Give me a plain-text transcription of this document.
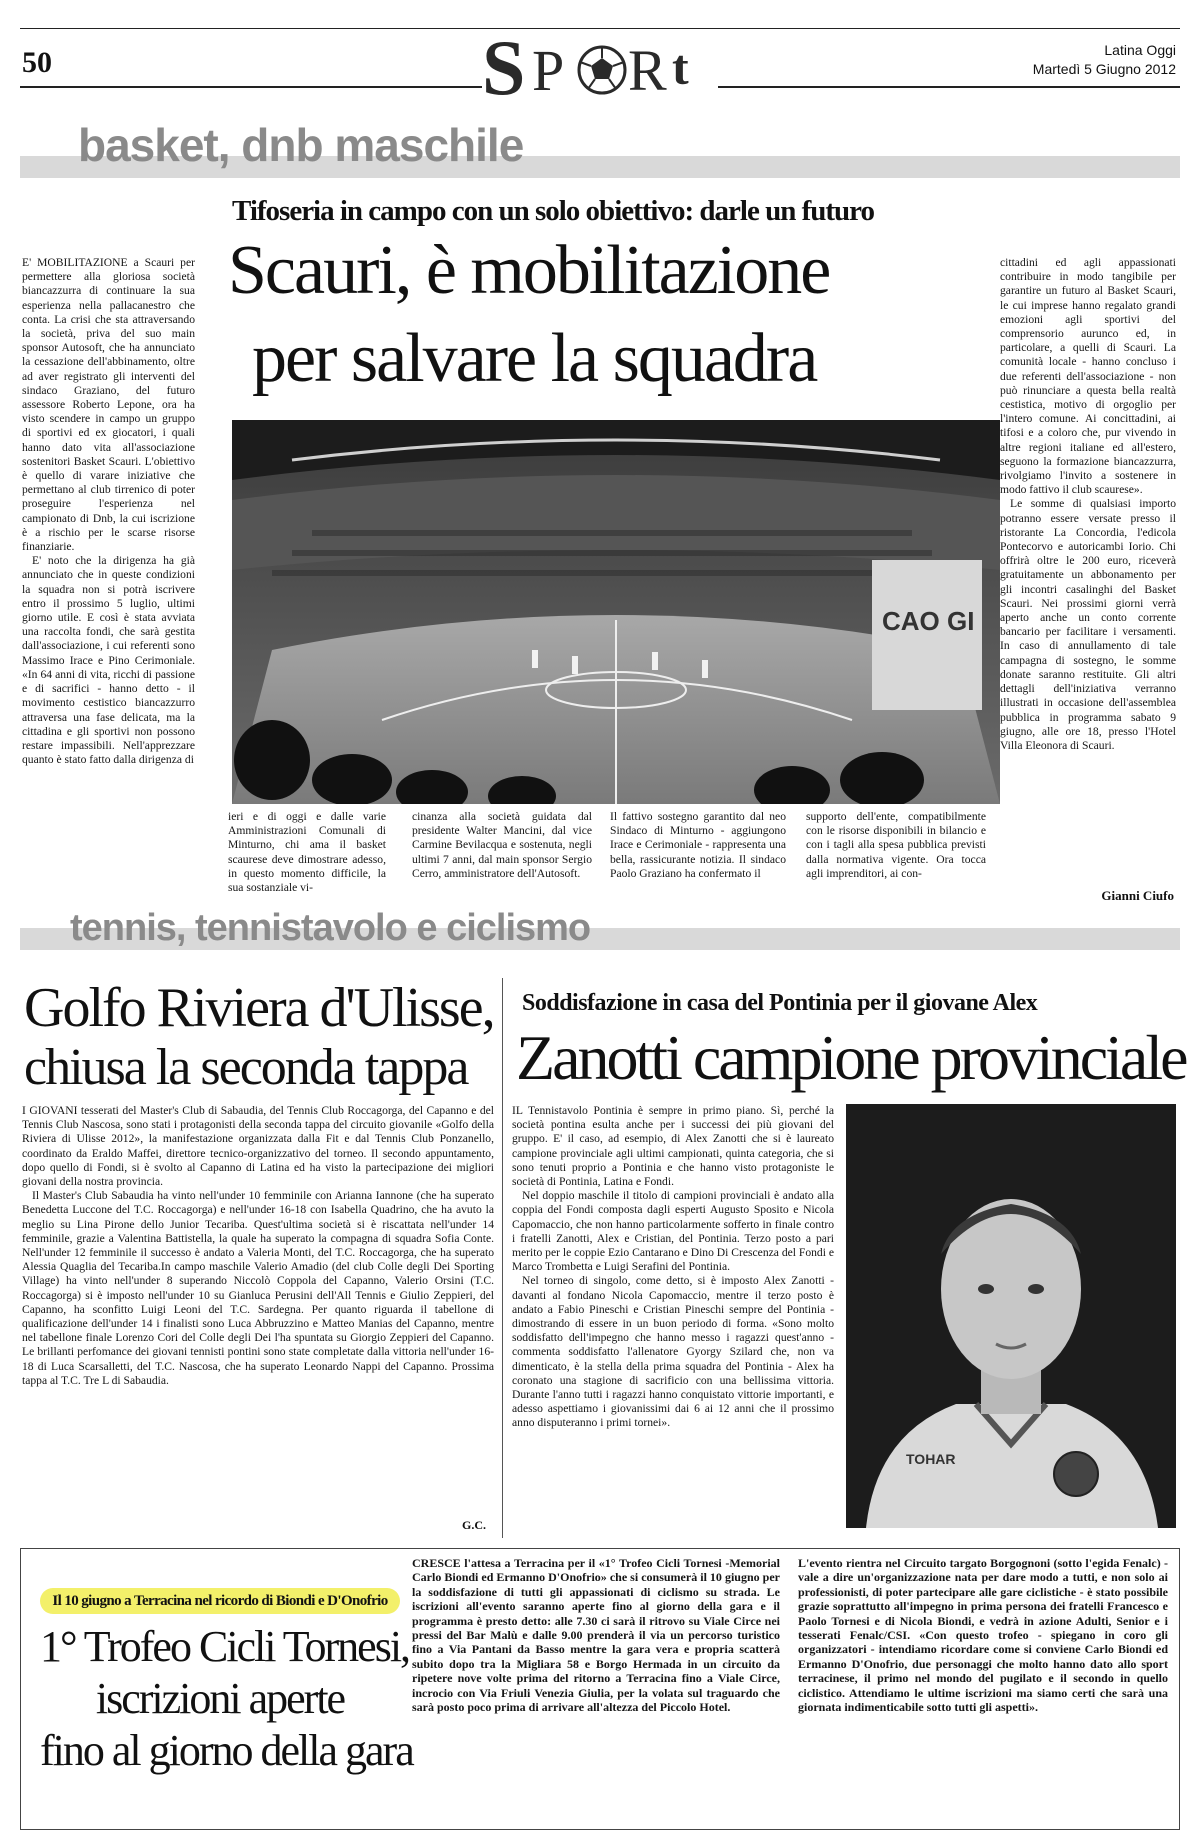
50	S P R t	Latina Oggi
Martedì 5 Giugno 2012
basket, dnb maschile
Tifoseria in campo con un solo obiettivo: darle un futuro
Scauri, è mobilitazione
per salvare la squadra

E' MOBILITAZIONE a Scauri per permettere alla gloriosa società biancazzurra di continuare la sua esperienza nella pallacanestro che conta. La crisi che sta attraversando la società, priva del suo main sponsor Autosoft, che ha annunciato la cessazione dell'abbinamento, oltre ad aver registrato gli interventi del sindaco Graziano, del futuro assessore Roberto Lepone, ora ha visto scendere in campo un gruppo di sportivi ed ex giocatori, i quali hanno dato vita all'associazione sostenitori Basket Scauri. L'obiettivo è quello di varare iniziative che permettano al club tirrenico di poter proseguire l'esperienza nel campionato di Dnb, la cui iscrizione è a rischio per le scarse risorse finanziarie.

E' noto che la dirigenza ha già annunciato che in queste condizioni la squadra non si potrà iscrivere entro il prossimo 5 luglio, ultimi giorno utile. E così è stata avviata una raccolta fondi, che sarà gestita dall'associazione, i cui referenti sono Massimo Irace e Pino Cerimoniale. «In 64 anni di vita, ricchi di passione e di sacrifici - hanno detto - il movimento cestistico biancazzurro attraversa una fase delicata, ma la cittadina e gli sportivi non possono restare impassibili. Nell'apprezzare quanto è stato fatto dalla dirigenza di

CAO GI
ieri e di oggi e dalle varie Amministrazioni Comunali di Minturno, chi ama il basket scaurese deve dimostrare adesso, in questo momento difficile, la sua sostanziale vi-
cinanza alla società guidata dal presidente Walter Mancini, dal vice Carmine Bevilacqua e sostenuta, negli ultimi 7 anni, dal main sponsor Sergio Cerro, amministratore dell'Autosoft.
Il fattivo sostegno garantito dal neo Sindaco di Minturno - aggiungono Irace e Cerimoniale - rappresenta una bella, rassicurante notizia. Il sindaco Paolo Graziano ha confermato il
supporto dell'ente, compatibilmente con le risorse disponibili in bilancio e con i tagli alla spesa pubblica previsti dalla normativa vigente. Ora tocca agli imprenditori, ai con-

cittadini ed agli appassionati contribuire in modo tangibile per garantire un futuro al Basket Scauri, le cui imprese hanno regalato grandi emozioni agli sportivi del comprensorio aurunco ed, in particolare, a quelli di Scauri. La comunità locale - hanno concluso i due referenti dell'associazione - non può rinunciare a questa bella realtà cestistica, motivo di orgoglio per l'intero comune. Ai concittadini, ai tifosi e a coloro che, pur vivendo in altre regioni italiane ed all'estero, seguono la formazione biancazzurra, rivolgiamo l'invito a sostenere in modo fattivo il club scaurese».

Le somme di qualsiasi importo potranno essere versate presso il ristorante La Concordia, l'edicola Pontecorvo e autoricambi Iorio. Chi offrirà oltre le 200 euro, riceverà gratuitamente un abbonamento per gli incontri casalinghi del Basket Scauri. Nei prossimi giorni verrà aperto anche un conto corrente bancario per facilitare i versamenti. In caso di annullamento di tale campagna di sostegno, le somme donate saranno restituite. Gli altri dettagli dell'iniziativa verranno illustrati in occasione dell'assemblea pubblica in programma sabato 9 giugno, alle ore 18, presso l'Hotel Villa Eleonora di Scauri.

Gianni Ciufo
tennis, tennistavolo e ciclismo
Golfo Riviera d'Ulisse,
chiusa la seconda tappa

I GIOVANI tesserati del Master's Club di Sabaudia, del Tennis Club Roccagorga, del Capanno e del Tennis Club Nascosa, sono stati i protagonisti della seconda tappa del circuito giovanile «Golfo della Riviera di Ulisse 2012», la manifestazione organizzata dalla Fit e dal Tennis Club Ponzanello, coordinato da Eraldo Maffei, direttore tecnico-organizzativo del torneo. Il secondo appuntamento, dopo quello di Fondi, si è svolto al Capanno di Latina ed ha visto la partecipazione dei migliori giovani della nostra provincia.

Il Master's Club Sabaudia ha vinto nell'under 10 femminile con Arianna Iannone (che ha superato Benedetta Luccone del T.C. Roccagorga) e nell'under 16-18 con Isabella Quadrino, che ha avuto la meglio su Lina Pirone dello Junior Tecariba. Quest'ultima società si è riscattata nell'under 14 femminile, grazie a Valentina Battistella, la quale ha superato la compagna di squadra Sofia Conte. Nell'under 12 femminile il successo è andato a Valeria Monti, del T.C. Roccagorga, che ha superato Alessia Quaglia del Tecariba.In campo maschile Valerio Amadio (del club Colle degli Dei Sporting Village) ha vinto nell'under 8 superando Niccolò Coppola del Capanno, Valerio Orsini (T.C. Roccagorga) si è imposto nell'under 10 su Gianluca Perusini dell'All Tennis e Giulio Zeppieri, del Capanno, ha sconfitto Luigi Leoni del T.C. Sardegna. Per quanto riguarda il tabellone di qualificazione dell'under 14 i finalisti sono Luca Abbruzzino e Matteo Manias del Capanno, mentre nel tabellone finale Lorenzo Cori del Colle degli Dei l'ha spuntata su Giorgio Zeppieri del Capanno. Le brillanti perfomance dei giovani tennisti pontini sono state completate dalla vittoria nell'under 16-18 di Luca Scarsalletti, del T.C. Nascosa, che ha superato Leonardo Nappi del Capanno. Prossima tappa al T.C. Tre L di Sabaudia.

G.C.
Soddisfazione in casa del Pontinia per il giovane Alex
Zanotti campione provinciale

IL Tennistavolo Pontinia è sempre in primo piano. Sì, perché la società pontina esulta anche per i successi dei più giovani del gruppo. E' il caso, ad esempio, di Alex Zanotti che si è laureato campione provinciale agli ultimi campionati, quinta categoria, che si sono tenuti proprio a Pontinia e che hanno visto protagoniste le società di Pontinia, Latina e Fondi.

Nel doppio maschile il titolo di campioni provinciali è andato alla coppia del Fondi composta dagli esperti Augusto Sposito e Nicola Capomaccio, che non hanno particolarmente sofferto in finale contro i fratelli Zanotti, Alex e Cristian, del Pontinia. Terzo posto a pari merito per le coppie Ezio Cantarano e Dino Di Crescenza del Fondi e Marco Trombetta e Luigi Serafini del Pontinia.

Nel torneo di singolo, come detto, si è imposto Alex Zanotti - davanti al fondano Nicola Capomaccio, mentre il terzo posto è andato a Fabio Pineschi e Cristian Pineschi sempre del Pontinia - dimostrando di essere in un buon periodo di forma. «Sono molto soddisfatto dell'impegno che hanno messo i ragazzi quest'anno - commenta soddisfatto l'allenatore Gyorgy Szilard che, non va dimenticato, è la stella della prima squadra del Pontinia - Alex ha coronato una stagione di sacrificio con una bellissima vittoria. Durante l'anno tutti i ragazzi hanno conquistato vittorie importanti, e adesso aspettiamo i giovanissimi dai 6 ai 12 anni che il prossimo anno disputeranno i primi tornei».

TOHAR
Il 10 giugno a Terracina nel ricordo di Biondi e D'Onofrio
1° Trofeo Cicli Tornesi,
iscrizioni aperte
fino al giorno della gara
CRESCE l'attesa a Terracina per il «1° Trofeo Cicli Tornesi -Memorial Carlo Biondi ed Ermanno D'Onofrio» che si consumerà il 10 giugno per la soddisfazione di tutti gli appassionati di ciclismo su strada. Le iscrizioni all'evento saranno aperte fino al giorno della gara e il programma è presto detto: alle 7.30 ci sarà il ritrovo su Viale Circe nei pressi del Bar Malù e dalle 9.00 prenderà il via un percorso turistico fino a Via Pantani da Basso mentre la gara vera e propria scatterà subito dopo tra la Migliara 58 e Borgo Hermada in un circuito da ripetere nove volte prima del ritorno a Terracina fino a Viale Circe, incrocio con Via Friuli Venezia Giulia, per la volata sul traguardo che sarà posto poco prima di arrivare all'altezza del Piccolo Hotel.
L'evento rientra nel Circuito targato Borgognoni (sotto l'egida Fenalc) - vale a dire un'organizzazione nata per dare modo a tutti, e non solo ai professionisti, di poter partecipare alle gare ciclistiche - è stato possibile grazie soprattutto all'impegno in prima persona dei fratelli Francesco e Paolo Tornesi e di Nicola Biondi, e vedrà in azione Adulti, Senior e i tesserati Fenalc/CSI. «Con questo trofeo - spiegano in coro gli organizzatori - intendiamo ricordare come si conviene Carlo Biondi ed Ermanno D'Onofrio, due personaggi che molto hanno dato allo sport terracinese, il primo nel mondo del pugilato e il secondo in quello ciclistico. Attendiamo le ultime iscrizioni ma siamo certi che sarà una giornata indimenticabile sotto tutti gli aspetti».
